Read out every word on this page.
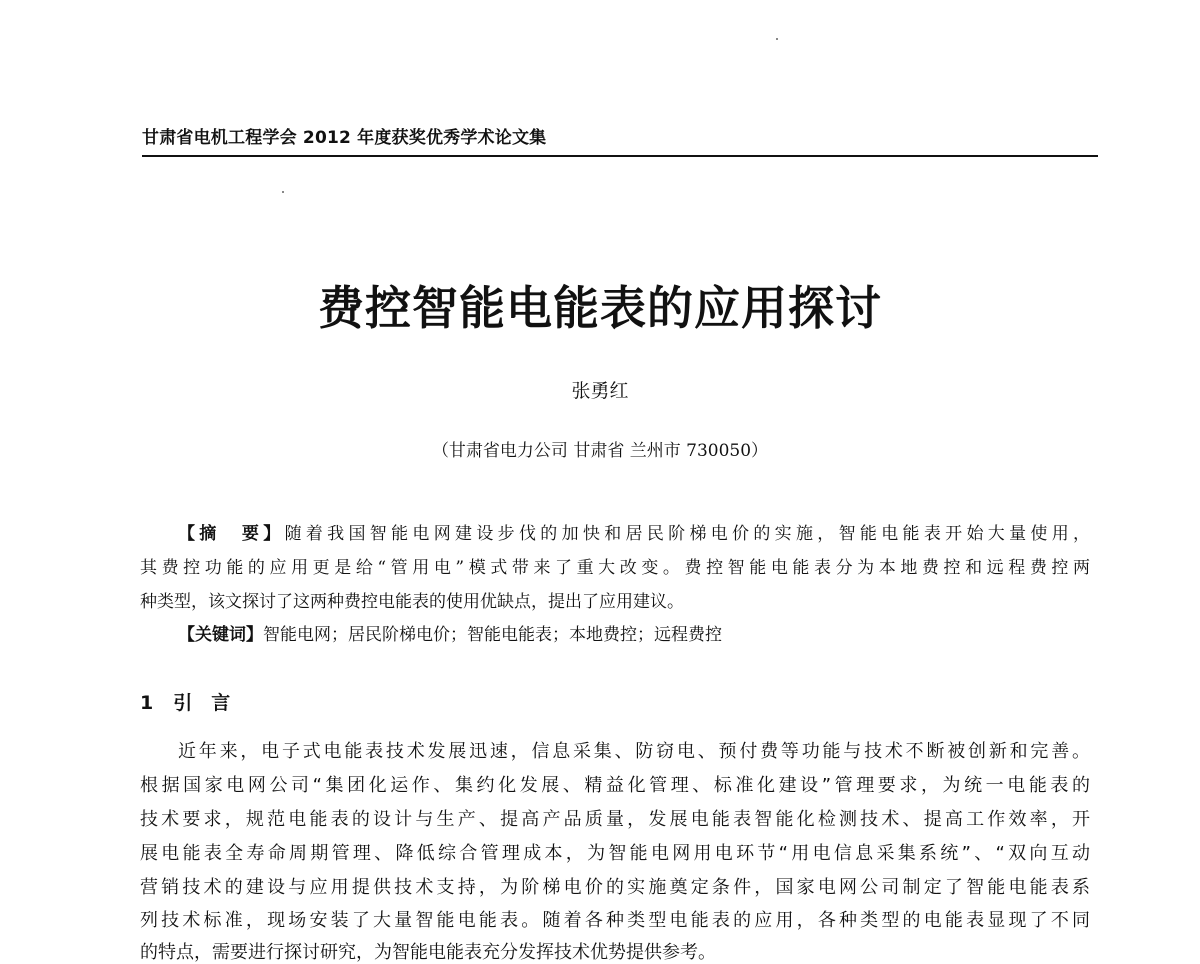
甘肃省电机工程学会 2012 年度获奖优秀学术论文集
费控智能电能表的应用探讨
张勇红
（甘肃省电力公司 甘肃省 兰州市 730050）
【摘　要】随着我国智能电网建设步伐的加快和居民阶梯电价的实施，智能电能表开始大量使用，
其费控功能的应用更是给“管用电”模式带来了重大改变。费控智能电能表分为本地费控和远程费控两
种类型，该文探讨了这两种费控电能表的使用优缺点，提出了应用建议。
【关键词】智能电网；居民阶梯电价；智能电能表；本地费控；远程费控
1 引　言
近年来，电子式电能表技术发展迅速，信息采集、防窃电、预付费等功能与技术不断被创新和完善。
根据国家电网公司“集团化运作、集约化发展、精益化管理、标准化建设”管理要求，为统一电能表的
技术要求，规范电能表的设计与生产、提高产品质量，发展电能表智能化检测技术、提高工作效率，开
展电能表全寿命周期管理、降低综合管理成本，为智能电网用电环节“用电信息采集系统”、“双向互动
营销技术的建设与应用提供技术支持，为阶梯电价的实施奠定条件，国家电网公司制定了智能电能表系
列技术标准，现场安装了大量智能电能表。随着各种类型电能表的应用，各种类型的电能表显现了不同
的特点，需要进行探讨研究，为智能电能表充分发挥技术优势提供参考。
